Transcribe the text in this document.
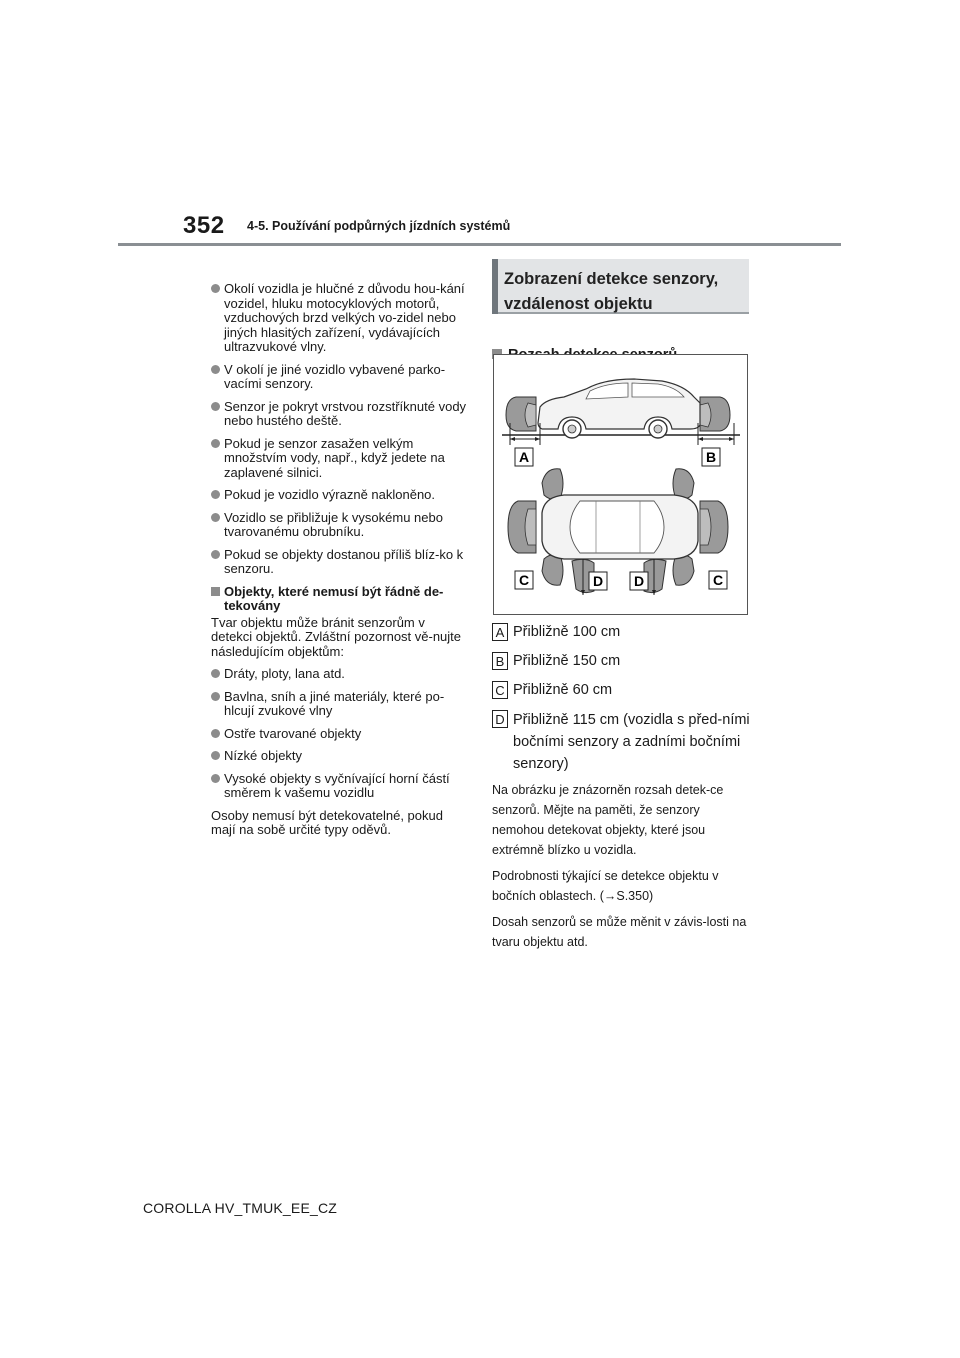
352 4-5. Používání podpůrných jízdních systémů
Okolí vozidla je hlučné z důvodu hou-kání vozidel, hluku motocyklových motorů, vzduchových brzd velkých vo-zidel nebo jiných hlasitých zařízení, vydávajících ultrazvukové vlny.
V okolí je jiné vozidlo vybavené parko-vacími senzory.
Senzor je pokryt vrstvou rozstříknuté vody nebo hustého deště.
Pokud je senzor zasažen velkým množstvím vody, např., když jedete na zaplavené silnici.
Pokud je vozidlo výrazně nakloněno.
Vozidlo se přibližuje k vysokému nebo tvarovanému obrubníku.
Pokud se objekty dostanou příliš blíz-ko k senzoru.
Objekty, které nemusí být řádně de-tekovány
Tvar objektu může bránit senzorům v detekci objektů. Zvláštní pozornost vě-nujte následujícím objektům:
Dráty, ploty, lana atd.
Bavlna, sníh a jiné materiály, které po-hlcují zvukové vlny
Ostře tvarované objekty
Nízké objekty
Vysoké objekty s vyčnívající horní částí směrem k vašemu vozidlu
Osoby nemusí být detekovatelné, pokud mají na sobě určité typy oděvů.
Zobrazení detekce senzory,
vzdálenost objektu
A	B
C	D D	C
A Přibližně 100 cm
B Přibližně 150 cm
C Přibližně 60 cm
D Přibližně 115 cm (vozidla s před-ními bočními senzory a zadními bočními senzory)

Na obrázku je znázorněn rozsah detek-ce senzorů. Mějte na paměti, že senzory nemohou detekovat objekty, které jsou extrémně blízko u vozidla.

Podrobnosti týkající se detekce objektu v bočních oblastech. (→S.350)

Dosah senzorů se může měnit v závis-losti na tvaru objektu atd.

COROLLA HV_TMUK_EE_CZ
